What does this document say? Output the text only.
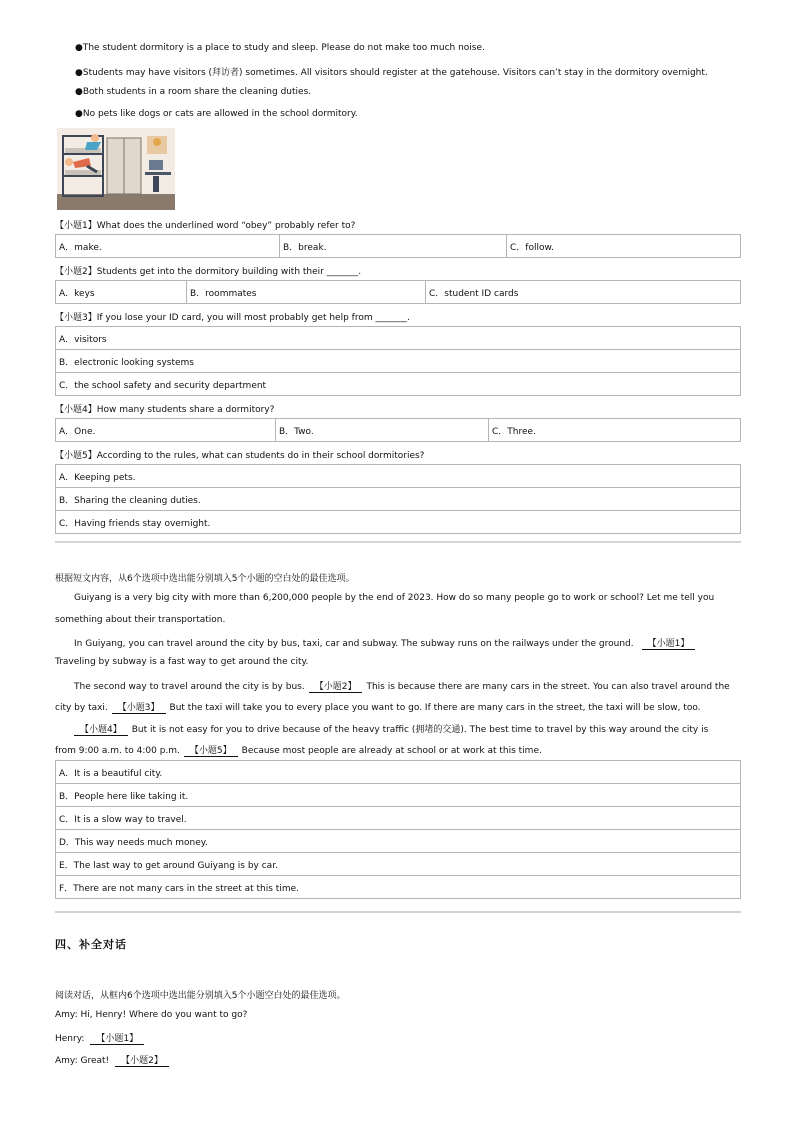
●The student dormitory is a place to study and sleep. Please do not make too much noise.
●Students may have visitors (拜访者) sometimes. All visitors should register at the gatehouse. Visitors can’t stay in the dormitory overnight.
●Both students in a room share the cleaning duties.
●No pets like dogs or cats are allowed in the school dormitory.
【小题1】What does the underlined word “obey” probably refer to?
A．make.	B．break.	C．follow.
【小题2】Students get into the dormitory building with their _______.
A．keys	B．roommates	C．student ID cards
【小题3】If you lose your ID card, you will most probably get help from _______.
A．visitors
B．electronic looking systems
C．the school safety and security department
【小题4】How many students share a dormitory?
A．One.	B．Two.	C．Three.
【小题5】According to the rules, what can students do in their school dormitories?
A．Keeping pets.
B．Sharing the cleaning duties.
C．Having friends stay overnight.
根据短文内容，从6个选项中选出能分别填入5个小题的空白处的最佳选项。
Guiyang is a very big city with more than 6,200,000 people by the end of 2023. How do so many people go to work or school? Let me tell you
something about their transportation.
In Guiyang, you can travel around the city by bus, taxi, car and subway. The subway runs on the railways under the ground. 【小题1】
Traveling by subway is a fast way to get around the city.
The second way to travel around the city is by bus. 【小题2】 This is because there are many cars in the street. You can also travel around the
city by taxi. 【小题3】 But the taxi will take you to every place you want to go. If there are many cars in the street, the taxi will be slow, too.
【小题4】 But it is not easy for you to drive because of the heavy traffic (拥堵的交通). The best time to travel by this way around the city is
from 9:00 a.m. to 4:00 p.m. 【小题5】 Because most people are already at school or at work at this time.
A．It is a beautiful city.
B．People here like taking it.
C．It is a slow way to travel.
D．This way needs much money.
E．The last way to get around Guiyang is by car.
F．There are not many cars in the street at this time.
四、补全对话
阅读对话，从框内6个选项中选出能分别填入5个小题空白处的最佳选项。
Amy: Hi, Henry! Where do you want to go?
Henry: 【小题1】
Amy: Great! 【小题2】
